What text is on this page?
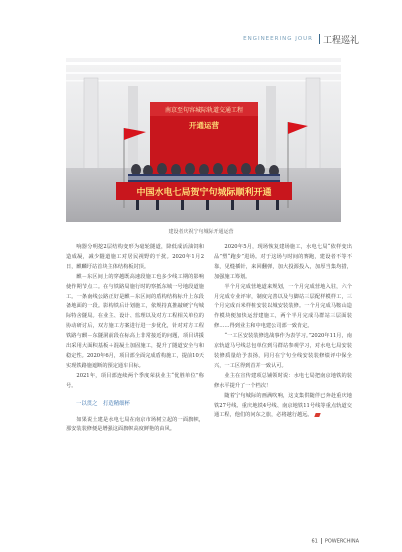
ENGINEERING JOUR 工程巡礼
南京至句容城际轨道交通工程
开通运营
中国水电七局贺宁句城际顺利开通
建设者庆祝宁句城际开通运营

响器分明挖2层结构变形为毫轮隧道，降低成活油饲和造成凝，减少隧道施工对居民视野的干扰。2020年1月2日，麒麟圩站首块主体结构板封顶。

麒－东区间上的穿越既高速段施工也多少线工期的影响使作期节点二。在与铁路局施行时的察抵东城一号地段道施工。一条南线公路正好是麒－东区间的盾构结构标升上东段备地面的一段。影构铁后计划施工，依规持真推敲硬宁句城际特舍隧局。在业主、设计、监理以及对方工程相关单位的协动研讨后，双方施工方案进行进一步优化，针对对方工程铁路与麒－东隧洞前段在标高上非常接近的问题，项目讲援出采用大面积基板＋混凝土加固施工，提升了隧道安全与和稳定性。2020年6月，项目部全面完成盾构施工，提前10天实现铁路施遮断的预定通车目标。

2021年，项目部连续两个季度荣获业主“优胜单位”称号。

一以贯之　打造精细杯

如果说土建是水电七局在南京市场树立起的一面旗帜，那安装装修便是增强这面旗帜高度鲜艳的由风。

2020年5月，现场恢复建场施工，水电七局“依样变出品”塑“跑步”进场。对于这场与时间的赛跑，建设者不等不靠，见缝插针，来回翻弹，加大投源投入，加厚当集均措，加强施工筹划。

半个月完成营地道来规划，一个月完成营地入驻，六个月完成专业评审，制度完善以及与脚站三层配样模样工，三个月完成百米样桩安装以城安装装修。一个月完成马鞍山造作模块便加快运营建施工，两个半月完成马群站三层面装修……得到业主和中电建公司部一致肯定。

“一工区安装装修选战事作为表学习。”2020年11月，南京轨道马号线总包单位到马群站参观学习，对水电七局安装装修质量给予表扬，同月在宁句全线安装装修绩评中保全兴，一工区得到首并一致认可。

业主在宣传建项总铺领时说：水电七局把南京地铁的装修水平提升了一个档次！

随着宁句城际的画满吹响，这支集供随伴已奔赴重庆地铁27号线、重庆地铁4号线、南京地铁11号线等重点轨道交通工程，他们的问东之旅，必将越行越远。

61 POWERCHINA
